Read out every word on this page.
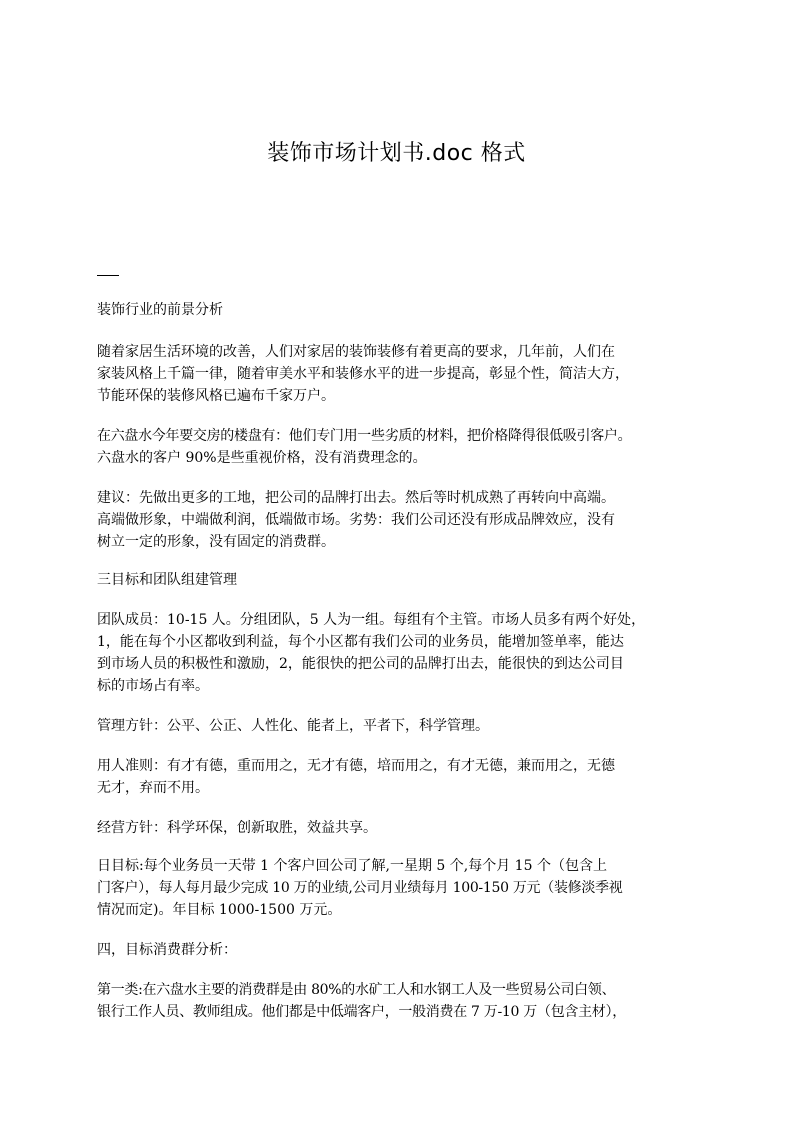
装饰市场计划书.doc 格式

装饰行业的前景分析

随着家居生活环境的改善，人们对家居的装饰装修有着更高的要求，几年前，人们在

家装风格上千篇一律，随着审美水平和装修水平的进一步提高，彰显个性，简洁大方，

节能环保的装修风格已遍布千家万户。

在六盘水今年要交房的楼盘有：他们专门用一些劣质的材料，把价格降得很低吸引客户。

六盘水的客户 90%是些重视价格，没有消费理念的。

建议：先做出更多的工地，把公司的品牌打出去。然后等时机成熟了再转向中高端。

高端做形象，中端做利润，低端做市场。劣势：我们公司还没有形成品牌效应，没有

树立一定的形象，没有固定的消费群。

三目标和团队组建管理

团队成员：10-15 人。分组团队，5 人为一组。每组有个主管。市场人员多有两个好处，

1，能在每个小区都收到利益，每个小区都有我们公司的业务员，能增加签单率，能达

到市场人员的积极性和激励，2，能很快的把公司的品牌打出去，能很快的到达公司目

标的市场占有率。

管理方针：公平、公正、人性化、能者上，平者下，科学管理。

用人准则：有才有德，重而用之，无才有德，培而用之，有才无德，兼而用之，无德

无才，弃而不用。

经营方针：科学环保，创新取胜，效益共享。

日目标:每个业务员一天带 1 个客户回公司了解,一星期 5 个,每个月 15 个（包含上

门客户），每人每月最少完成 10 万的业绩,公司月业绩每月 100-150 万元（装修淡季视

情况而定)。年目标 1000-1500 万元。

四，目标消费群分析：

第一类:在六盘水主要的消费群是由 80%的水矿工人和水钢工人及一些贸易公司白领、

银行工作人员、教师组成。他们都是中低端客户，一般消费在 7 万-10 万（包含主材），
